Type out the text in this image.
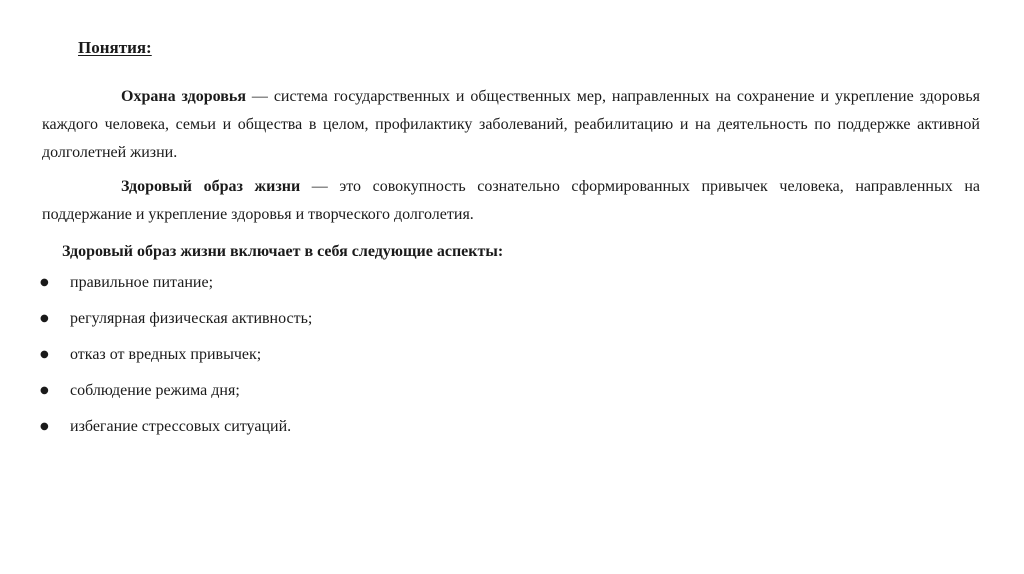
Понятия:

Охрана здоровья — система государственных и общественных мер, направленных на сохранение и укрепление здоровья каждого человека, семьи и общества в целом, профилактику заболеваний, реабилитацию и на деятельность по поддержке активной долголетней жизни.

Здоровый образ жизни — это совокупность сознательно сформированных привычек человека, направленных на поддержание и укрепление здоровья и творческого долголетия.

Здоровый образ жизни включает в себя следующие аспекты:
●	правильное питание;
●	регулярная физическая активность;
●	отказ от вредных привычек;
●	соблюдение режима дня;
●	избегание стрессовых ситуаций.
